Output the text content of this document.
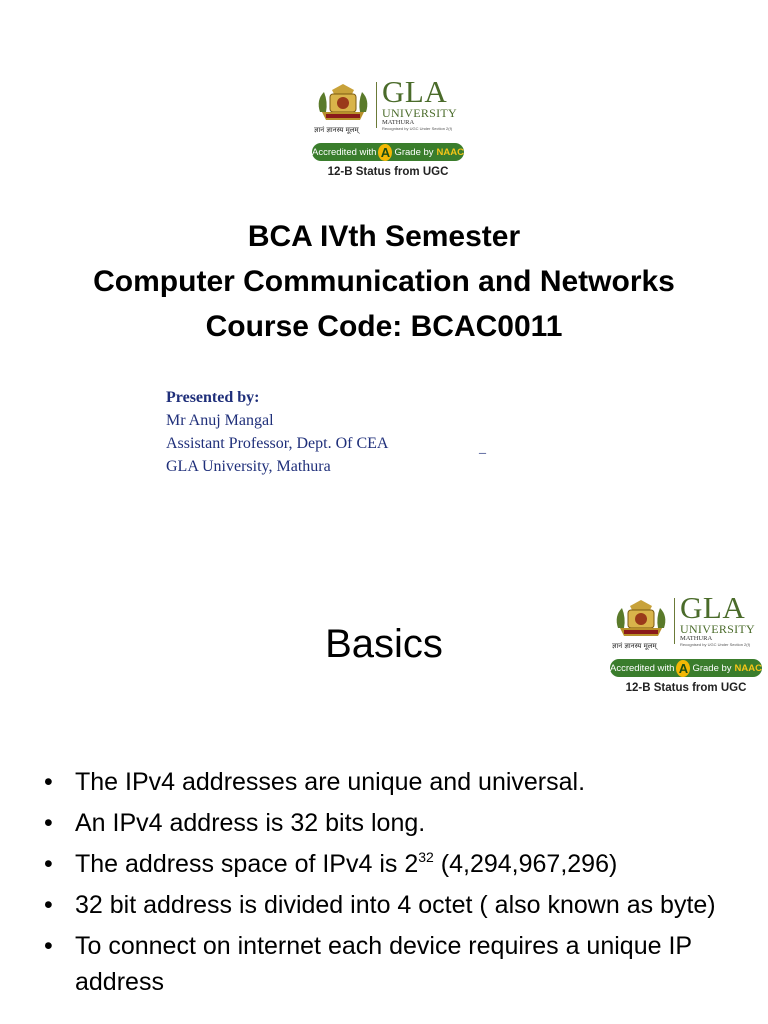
ज्ञानं ज्ञानस्य मूलम्
GLA
UNIVERSITY
MATHURA
Recognised by UGC Under Section 2(f)
Accredited with A Grade by NAAC
12-B Status from UGC
BCA IVth Semester
Computer Communication and Networks
Course Code: BCAC0011
Presented by:
Mr Anuj Mangal
Assistant Professor, Dept. Of CEA
GLA University, Mathura
_
ज्ञानं ज्ञानस्य मूलम्
GLA
UNIVERSITY
MATHURA
Recognised by UGC Under Section 2(f)
Accredited with A Grade by NAAC
12-B Status from UGC
Basics
• The IPv4 addresses are unique and universal.
• An IPv4 address is 32 bits long.
• The address space of IPv4 is $2^{32}$ (4,294,967,296)
• 32 bit address is divided into 4 octet ( also known as byte)
• To connect on internet each device requires a unique IP address
